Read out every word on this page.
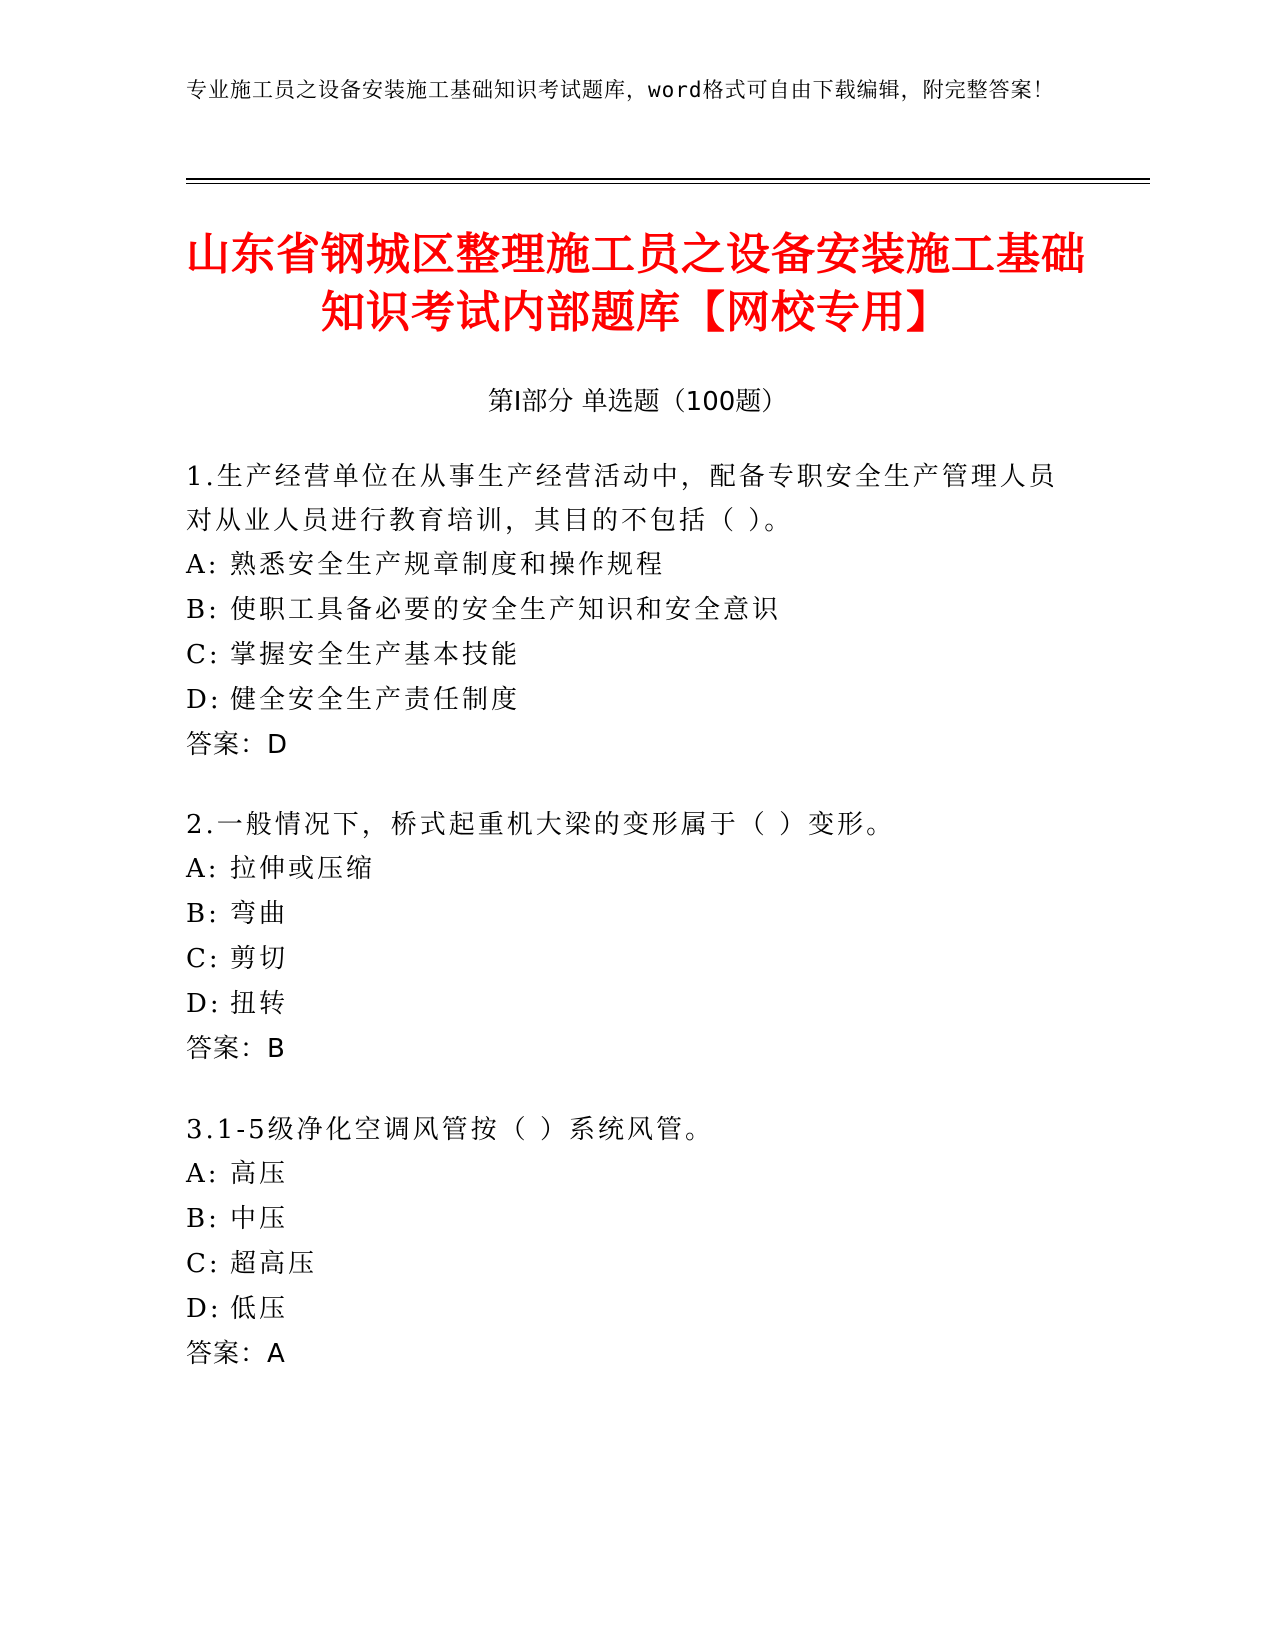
专业施工员之设备安装施工基础知识考试题库，word格式可自由下载编辑，附完整答案！

山东省钢城区整理施工员之设备安装施工基础知识考试内部题库【网校专用】
第Ⅰ部分 单选题（100题）

1.生产经营单位在从事生产经营活动中，配备专职安全生产管理人员对从业人员进行教育培训，其目的不包括（ ）。

A: 熟悉安全生产规章制度和操作规程

B: 使职工具备必要的安全生产知识和安全意识

C: 掌握安全生产基本技能

D: 健全安全生产责任制度

答案：D

2.一般情况下，桥式起重机大梁的变形属于（ ）变形。

A: 拉伸或压缩

B: 弯曲

C: 剪切

D: 扭转

答案：B

3.1-5级净化空调风管按（ ）系统风管。

A: 高压

B: 中压

C: 超高压

D: 低压

答案：A
